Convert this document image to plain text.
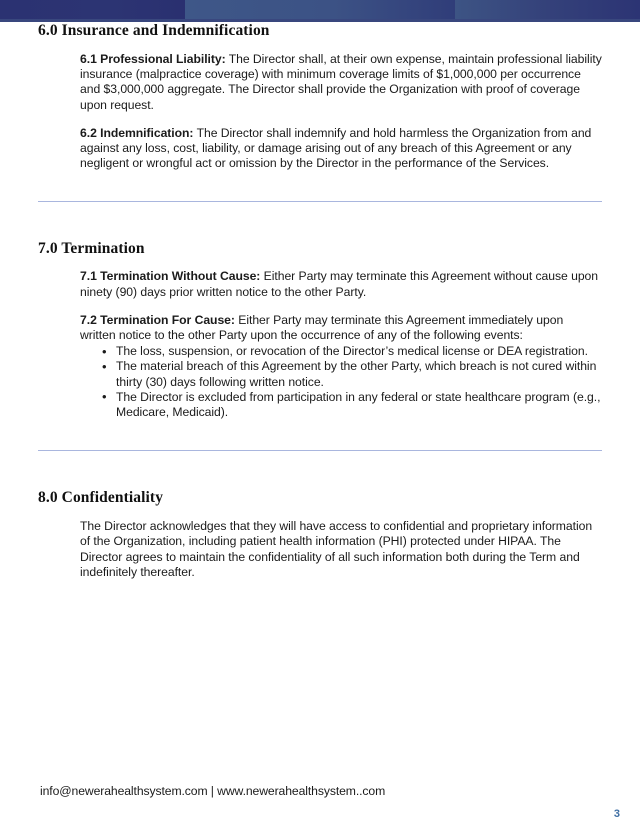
6.0 Insurance and Indemnification

6.1 Professional Liability: The Director shall, at their own expense, maintain professional liability insurance (malpractice coverage) with minimum coverage limits of $1,000,000 per occurrence and $3,000,000 aggregate. The Director shall provide the Organization with proof of coverage upon request.

6.2 Indemnification: The Director shall indemnify and hold harmless the Organization from and against any loss, cost, liability, or damage arising out of any breach of this Agreement or any negligent or wrongful act or omission by the Director in the performance of the Services.

7.0 Termination

7.1 Termination Without Cause: Either Party may terminate this Agreement without cause upon ninety (90) days prior written notice to the other Party.

7.2 Termination For Cause: Either Party may terminate this Agreement immediately upon written notice to the other Party upon the occurrence of any of the following events:

• The loss, suspension, or revocation of the Director’s medical license or DEA registration.
• The material breach of this Agreement by the other Party, which breach is not cured within thirty (30) days following written notice.
• The Director is excluded from participation in any federal or state healthcare program (e.g., Medicare, Medicaid).
8.0 Confidentiality

The Director acknowledges that they will have access to confidential and proprietary information of the Organization, including patient health information (PHI) protected under HIPAA. The Director agrees to maintain the confidentiality of all such information both during the Term and indefinitely thereafter.

info@newerahealthsystem.com | www.newerahealthsystem..com
3
